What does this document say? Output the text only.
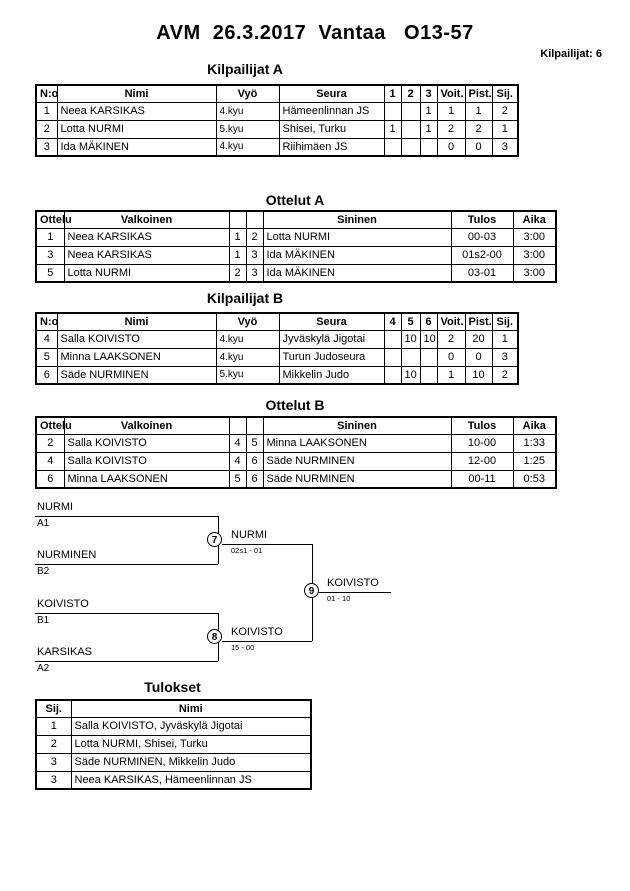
AVM  26.3.2017  Vantaa   O13-57
Kilpailijat: 6
Kilpailijat A
N:o	Nimi	Vyö	Seura	1	2	3	Voit.	Pist.	Sij.
1	Neea KARSIKAS	4.kyu	Hämeenlinnan JS			1	1	1	2
2	Lotta NURMI	5.kyu	Shisei, Turku	1		1	2	2	1
3	Ida MÄKINEN	4.kyu	Riihimäen JS				0	0	3
Ottelut A
Ottelu	Valkoinen			Sininen	Tulos	Aika
1	Neea KARSIKAS	1	2	Lotta NURMI	00-03	3:00
3	Neea KARSIKAS	1	3	Ida MÄKINEN	01s2-00	3:00
5	Lotta NURMI	2	3	Ida MÄKINEN	03-01	3:00
Kilpailijat B
N:o	Nimi	Vyö	Seura	4	5	6	Voit.	Pist.	Sij.
4	Salla KOIVISTO	4.kyu	Jyväskylä Jigotai		10	10	2	20	1
5	Minna LAAKSONEN	4.kyu	Turun Judoseura				0	0	3
6	Säde NURMINEN	5.kyu	Mikkelin Judo		10		1	10	2
Ottelut B
Ottelu	Valkoinen			Sininen	Tulos	Aika
2	Salla KOIVISTO	4	5	Minna LAAKSONEN	10-00	1:33
4	Salla KOIVISTO	4	6	Säde NURMINEN	12-00	1:25
6	Minna LAAKSONEN	5	6	Säde NURMINEN	00-11	0:53
NURMI
A1
NURMINEN
B2
7	NURMI
02s1 - 01
KOIVISTO
B1
KARSIKAS
A2
8	KOIVISTO
15 - 00
9
KOIVISTO
01 - 10
Tulokset
Sij.	Nimi
1	Salla KOIVISTO, Jyväskylä Jigotai
2	Lotta NURMI, Shisei, Turku
3	Säde NURMINEN, Mikkelin Judo
3	Neea KARSIKAS, Hämeenlinnan JS
